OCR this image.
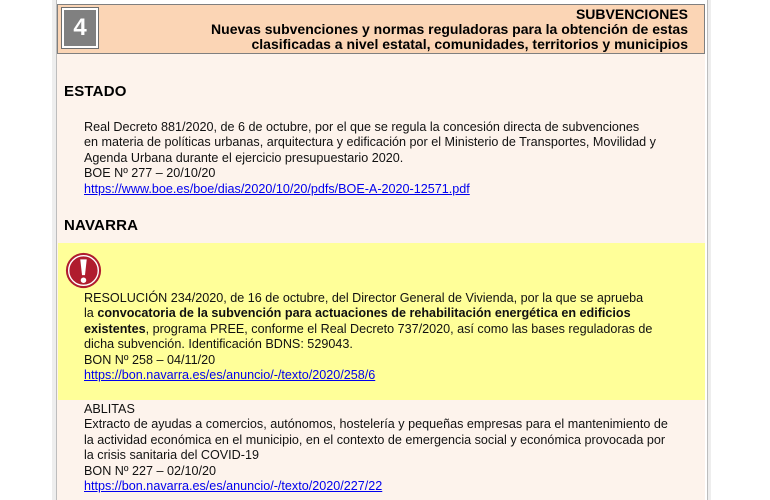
4	SUBVENCIONES
Nuevas subvenciones y normas reguladoras para la obtención de estas
clasificadas a nivel estatal, comunidades, territorios y municipios
ESTADO
Real Decreto 881/2020, de 6 de octubre, por el que se regula la concesión directa de subvenciones
en materia de políticas urbanas, arquitectura y edificación por el Ministerio de Transportes, Movilidad y
Agenda Urbana durante el ejercicio presupuestario 2020.
BOE Nº 277 – 20/10/20
https://www.boe.es/boe/dias/2020/10/20/pdfs/BOE-A-2020-12571.pdf
NAVARRA
RESOLUCIÓN 234/2020, de 16 de octubre, del Director General de Vivienda, por la que se aprueba
la convocatoria de la subvención para actuaciones de rehabilitación energética en edificios
existentes, programa PREE, conforme el Real Decreto 737/2020, así como las bases reguladoras de
dicha subvención. Identificación BDNS: 529043.
BON Nº 258 – 04/11/20
https://bon.navarra.es/es/anuncio/-/texto/2020/258/6
ABLITAS
Extracto de ayudas a comercios, autónomos, hostelería y pequeñas empresas para el mantenimiento de
la actividad económica en el municipio, en el contexto de emergencia social y económica provocada por
la crisis sanitaria del COVID-19
BON Nº 227 – 02/10/20
https://bon.navarra.es/es/anuncio/-/texto/2020/227/22
